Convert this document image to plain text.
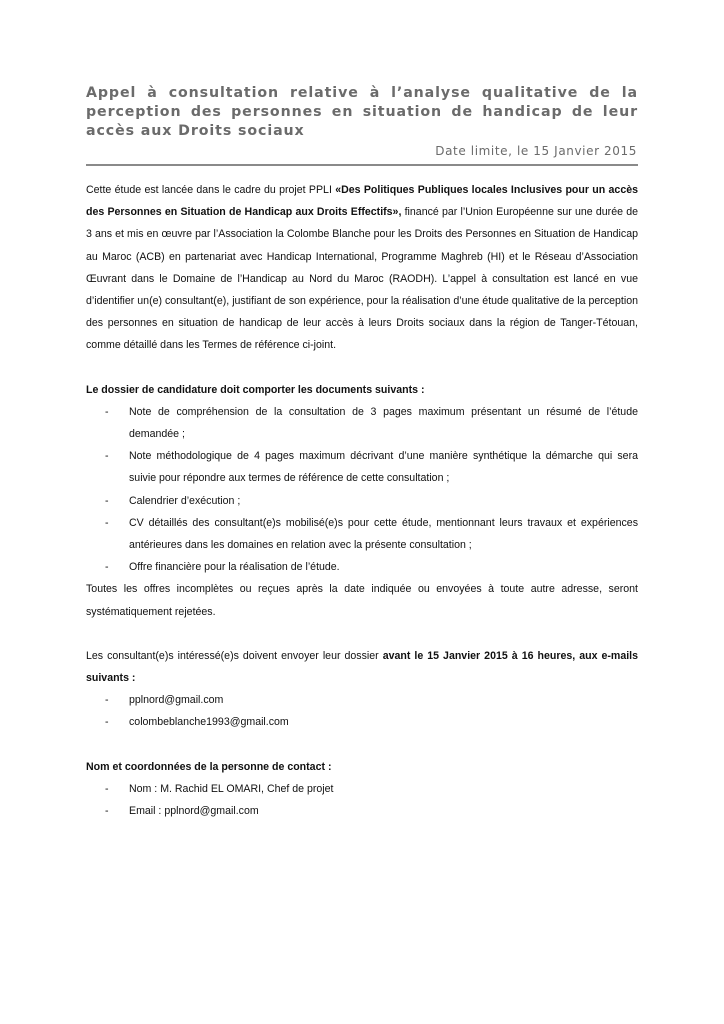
Appel à consultation relative à l’analyse qualitative de la perception des personnes en situation de handicap de leur accès aux Droits sociaux
Date limite, le 15 Janvier 2015

Cette étude est lancée dans le cadre du projet PPLI «Des Politiques Publiques locales Inclusives pour un accès des Personnes en Situation de Handicap aux Droits Effectifs», financé par l’Union Européenne sur une durée de 3 ans et mis en œuvre par l’Association la Colombe Blanche pour les Droits des Personnes en Situation de Handicap au Maroc (ACB) en partenariat avec Handicap International, Programme Maghreb (HI) et le Réseau d’Association Œuvrant dans le Domaine de l’Handicap au Nord du Maroc (RAODH). L’appel à consultation est lancé en vue d’identifier un(e) consultant(e), justifiant de son expérience, pour la réalisation d’une étude qualitative de la perception des personnes en situation de handicap de leur accès à leurs Droits sociaux dans la région de Tanger-Tétouan, comme détaillé dans les Termes de référence ci-joint.

Le dossier de candidature doit comporter les documents suivants :

- Note de compréhension de la consultation de 3 pages maximum présentant un résumé de l’étude demandée ;
- Note méthodologique de 4 pages maximum décrivant d’une manière synthétique la démarche qui sera suivie pour répondre aux termes de référence de cette consultation ;
- Calendrier d’exécution ;
- CV détaillés des consultant(e)s mobilisé(e)s pour cette étude, mentionnant leurs travaux et expériences antérieures dans les domaines en relation avec la présente consultation ;
- Offre financière pour la réalisation de l’étude.

Toutes les offres incomplètes ou reçues après la date indiquée ou envoyées à toute autre adresse, seront systématiquement rejetées.

Les consultant(e)s intéressé(e)s doivent envoyer leur dossier avant le 15 Janvier 2015 à 16 heures, aux e-mails suivants :

- pplnord@gmail.com
- colombeblanche1993@gmail.com

Nom et coordonnées de la personne de contact :

- Nom : M. Rachid EL OMARI, Chef de projet
- Email : pplnord@gmail.com
